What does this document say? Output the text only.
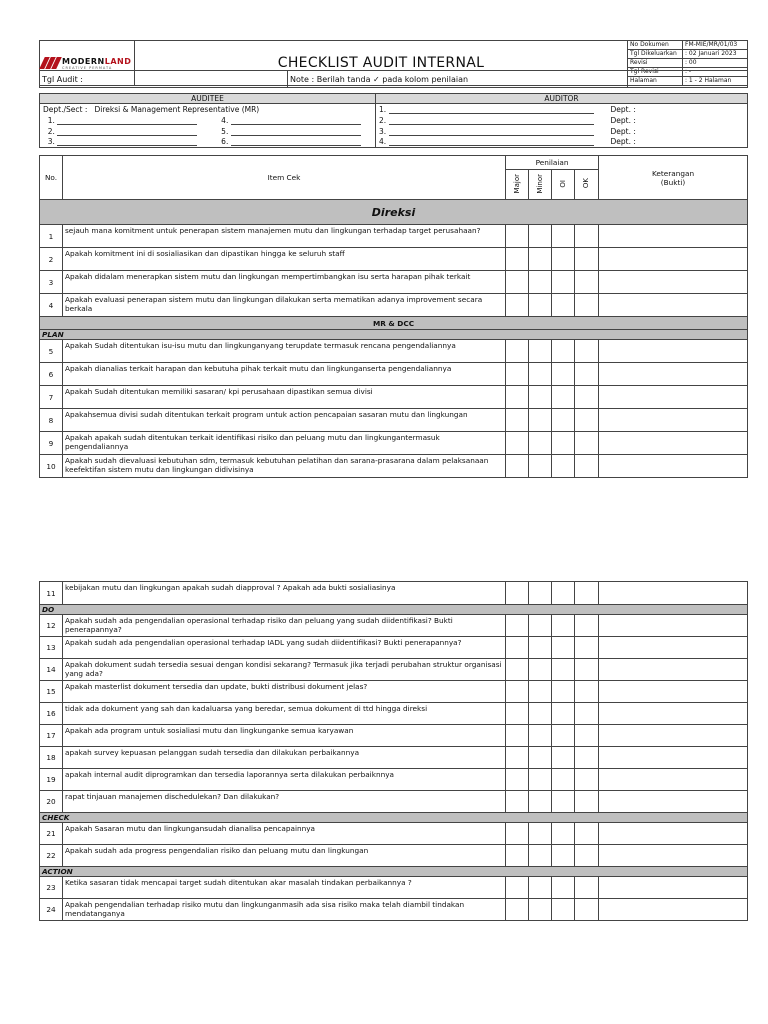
MODERNLAND
CREATIVE PERMATA	CHECKLIST AUDIT INTERNAL	No Dokumen	FM-MIE/MR/01/03
		Tgl Dikeluarkan	: 02 Januari 2023
		Revisi	: 00
		Tgl Revisi	: -
		Halaman	: 1 - 2 Halaman
Tgl Audit :	Note : Berilah tanda ✓ pada kolom penilaian	
AUDITEE	AUDITOR	
Dept./Sect : Direksi & Management Representative (MR)	1.	Dept. :
1. 4.	2.	Dept. :
2. 5.	3.	Dept. :
3. 6.	4.	Dept. :
No.	Item Cek	Penilaian				Keterangan
(Bukti)

		Major	Minor	OI	OK	
Direksi						
1	sejauh mana komitment untuk penerapan sistem manajemen mutu dan lingkungan terhadap target perusahaan?					
2	Apakah komitment ini di sosialiasikan dan dipastikan hingga ke seluruh staff					
3	Apakah didalam menerapkan sistem mutu dan lingkungan mempertimbangkan isu serta harapan pihak terkait					
4	Apakah evaluasi penerapan sistem mutu dan lingkungan dilakukan serta mematikan adanya improvement secara berkala					
MR & DCC						
PLAN						
5	Apakah Sudah ditentukan isu-isu mutu dan lingkunganyang terupdate termasuk rencana pengendaliannya					
6	Apakah dianalias terkait harapan dan kebutuha pihak terkait mutu dan lingkunganserta pengendaliannya					
7	Apakah Sudah ditentukan memiliki sasaran/ kpi perusahaan dipastikan semua divisi					
8	Apakahsemua divisi sudah ditentukan terkait program untuk action pencapaian sasaran mutu dan lingkungan					
9	Apakah apakah sudah ditentukan terkait identifikasi risiko dan peluang mutu dan lingkungantermasuk pengendaliannya					
10	Apakah sudah dievaluasi kebutuhan sdm, termasuk kebutuhan pelatihan dan sarana-prasarana dalam pelaksanaan keefektifan sistem mutu dan lingkungan didivisinya					
11	kebijakan mutu dan lingkungan apakah sudah diapproval ? Apakah ada bukti sosialiasinya					
DO						
12	Apakah sudah ada pengendalian operasional terhadap risiko dan peluang yang sudah diidentifikasi? Bukti penerapannya?					
13	Apakah sudah ada pengendalian operasional terhadap IADL yang sudah diidentifikasi? Bukti penerapannya?					
14	Apakah dokument sudah tersedia sesuai dengan kondisi sekarang? Termasuk jika terjadi perubahan struktur organisasi yang ada?					
15	Apakah masterlist dokument tersedia dan update, bukti distribusi dokument jelas?					
16	tidak ada dokument yang sah dan kadaluarsa yang beredar, semua dokument di ttd hingga direksi					
17	Apakah ada program untuk sosialiasi mutu dan lingkunganke semua karyawan					
18	apakah survey kepuasan pelanggan sudah tersedia dan dilakukan perbaikannya					
19	apakah internal audit diprogramkan dan tersedia laporannya serta dilakukan perbaiknnya					
20	rapat tinjauan manajemen dischedulekan? Dan dilakukan?					
CHECK						
21	Apakah Sasaran mutu dan lingkungansudah dianalisa pencapainnya					
22	Apakah sudah ada progress pengendalian risiko dan peluang mutu dan lingkungan					
ACTION						
23	Ketika sasaran tidak mencapai target sudah ditentukan akar masalah tindakan perbaikannya ?					
24	Apakah pengendalian terhadap risiko mutu dan lingkunganmasih ada sisa risiko maka telah diambil tindakan mendatanganya					
